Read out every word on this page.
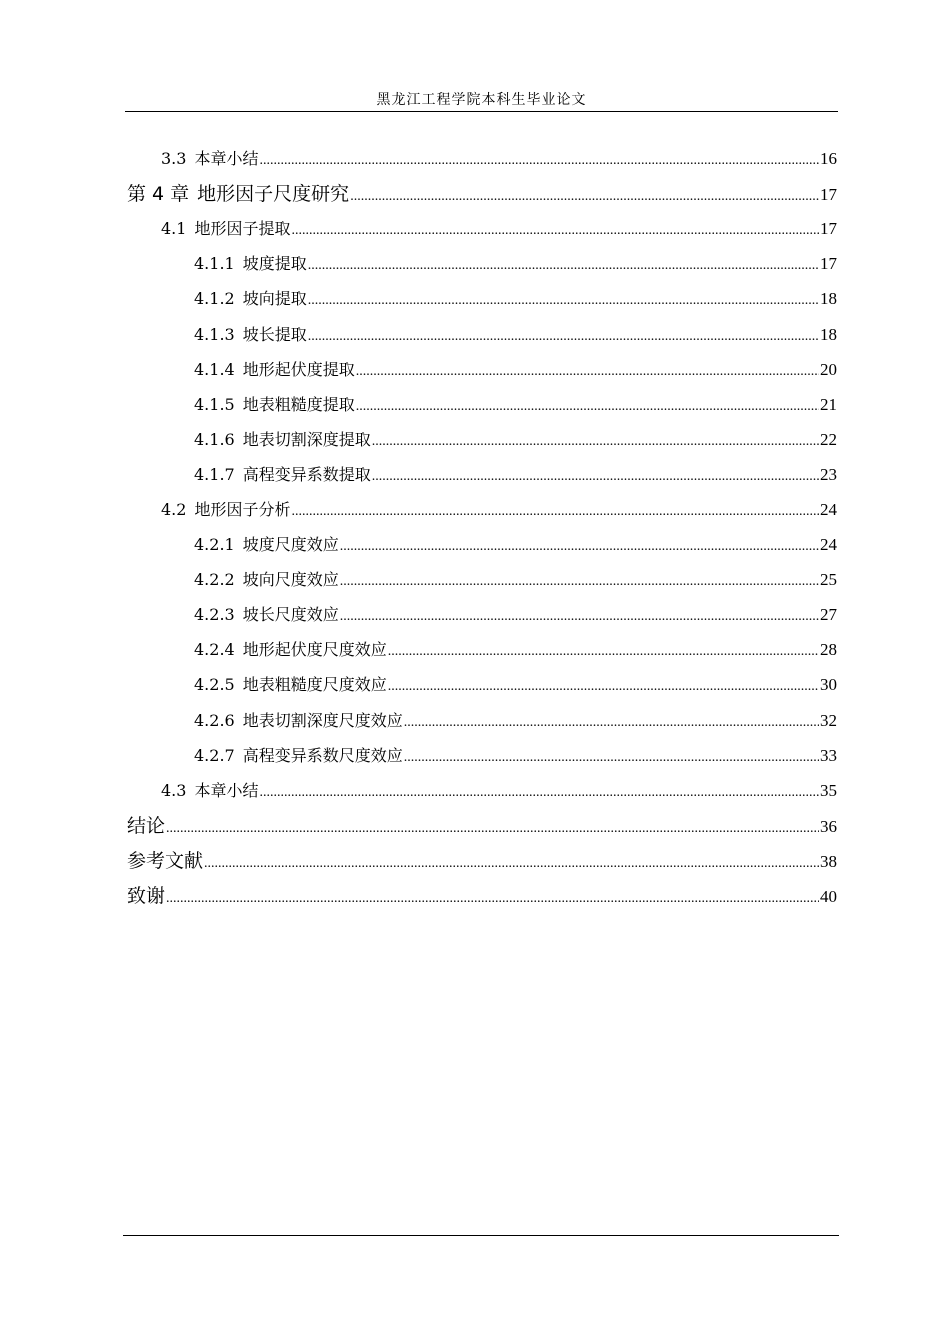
黑龙江工程学院本科生毕业论文
3.3 本章小结 .....	16
第 4 章 地形因子尺度研究 .....	17
4.1 地形因子提取 .....	17
4.1.1 坡度提取 .....	17
4.1.2 坡向提取 .....	18
4.1.3 坡长提取 .....	18
4.1.4 地形起伏度提取 .....	20
4.1.5 地表粗糙度提取 .....	21
4.1.6 地表切割深度提取 .....	22
4.1.7 高程变异系数提取 .....	23
4.2 地形因子分析 .....	24
4.2.1 坡度尺度效应 .....	24
4.2.2 坡向尺度效应 .....	25
4.2.3 坡长尺度效应 .....	27
4.2.4 地形起伏度尺度效应 .....	28
4.2.5 地表粗糙度尺度效应 .....	30
4.2.6 地表切割深度尺度效应 .....	32
4.2.7 高程变异系数尺度效应 .....	33
4.3 本章小结 .....	35
结论 .....	36
参考文献 .....	38
致谢 .....	40
